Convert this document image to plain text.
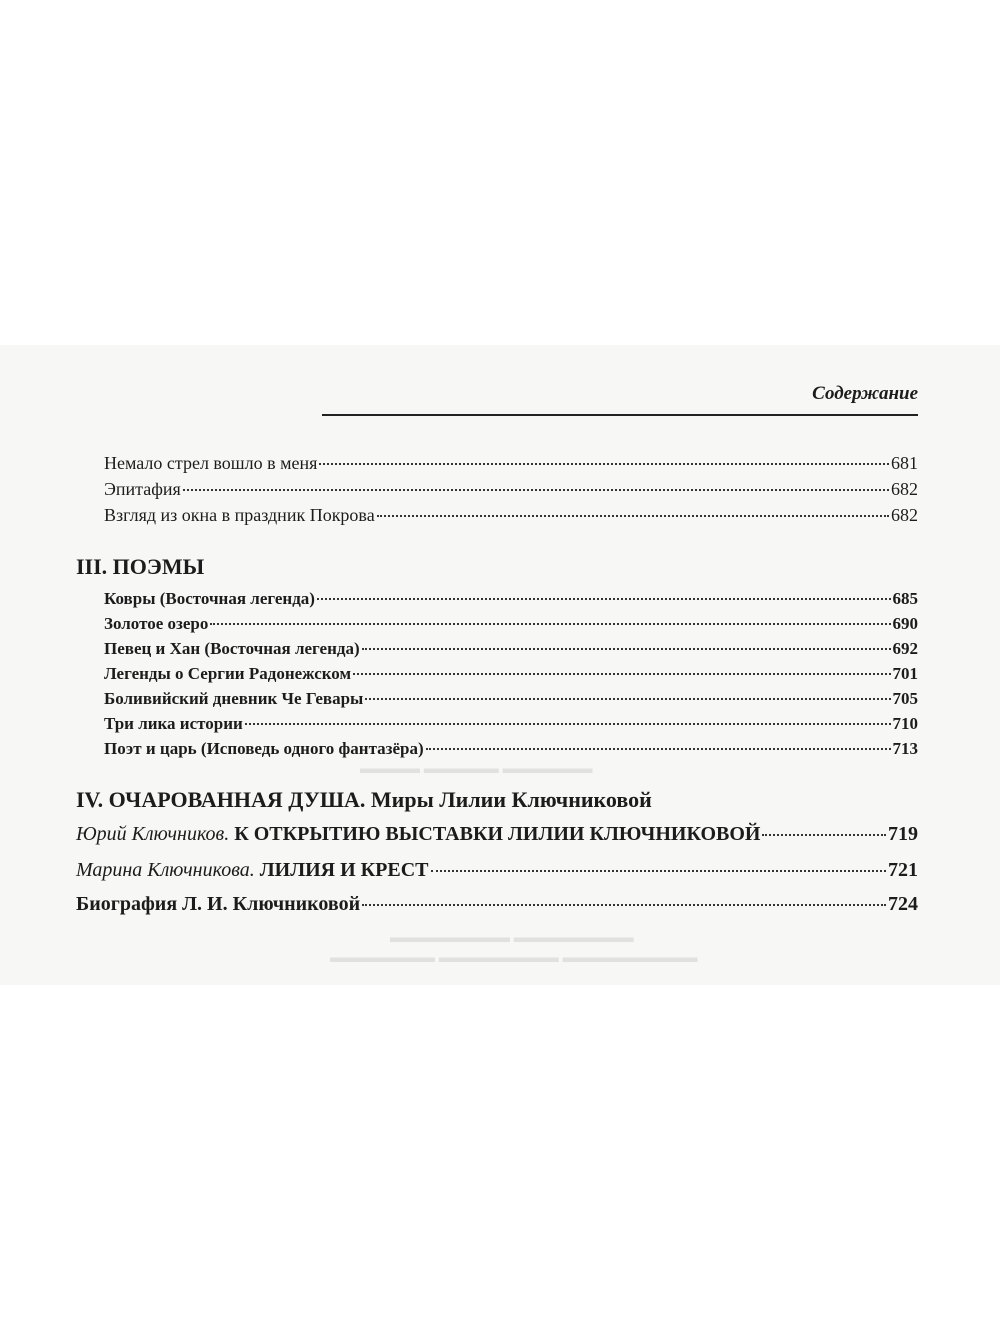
Содержание
Немало стрел вошло в меня	681
Эпитафия	682
Взгляд из окна в праздник Покрова	682
III. ПОЭМЫ
Ковры (Восточная легенда)	685
Золотое озеро	690
Певец и Хан (Восточная легенда)	692
Легенды о Сергии Радонежском	701
Боливийский дневник Че Гевары	705
Три лика истории	710
Поэт и царь (Исповедь одного фантазёра)	713
▬▬▬▬ ▬▬▬▬▬ ▬▬▬▬▬▬
IV. ОЧАРОВАННАЯ ДУША. Миры Лилии Ключниковой
Юрий Ключников. К ОТКРЫТИЮ ВЫСТАВКИ ЛИЛИИ КЛЮЧНИКОВОЙ	719
Марина Ключникова. ЛИЛИЯ И КРЕСТ	721
Биография Л. И. Ключниковой	724
▬▬▬▬▬▬▬▬ ▬▬▬▬▬▬▬▬
▬▬▬▬▬▬▬ ▬▬▬▬▬▬▬▬ ▬▬▬▬▬▬▬▬▬
